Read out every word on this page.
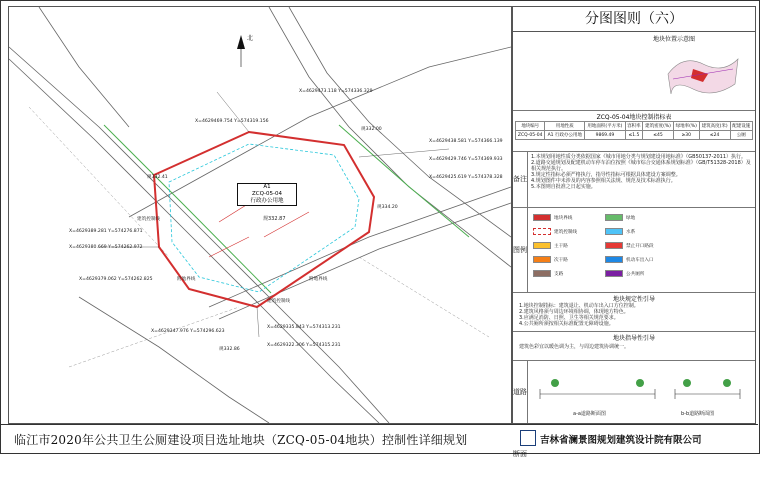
北
X=4629473.118 Y=574336.329
X=4629469.754 Y=574319.156
X=4629438.581 Y=574366.139
X=4629429.746 Y=574369.933
X=4629425.619 Y=574378.328
X=4629389.281 Y=574276.871
X=4629380.669 Y=574262.972
X=4629379.062 Y=574262.825
X=4629347.976 Y=574296.623
X=4629335.843 Y=574313.231
X=4629322.306 Y=574315.231
A1
ZCQ-05-04
行政办公用地
规332.87
规332.41
规332.00
规334.20
规332.86
附地界线
建筑控制线
建筑控制线
附地界线
分图图则（六）
地块位置示意图
ZCQ-05-04地块控制指标表
地块编号	用地性质	用地面积(平方米)	容积率	建筑密度(%)	绿地率(%)	建筑高度(米)	配建设施
ZCQ-05-04	A1 行政办公用地	9869.49	≤1.5	≤45	≥30	≤24	公厕
备注
1.本规划用地性质分类依据国家《城市用地分类与规划建设用地标准》（GB50137-2011）执行。
2.道路交通规划及配建机动车停车泊位按照《城市综合交通体系规划标准》（GB/T51328-2018）及相关规范执行。
3.规定性指标必须严格执行，指导性指标可根据具体建设方案调整。
4.规划图件中未涉及的内容参照相关法规、规范及技术标准执行。
5.本图则自批准之日起实施。
图例
地块界线
建筑控制线
主干路
次干路
支路
绿地
水系
禁止开口路段
机动车出入口
公共厕所
地块规定性引导
1.地块控制指标：建筑退让、机动车出入口方位控制。
2.建筑风格须与周边环境相协调，体现地方特色。
3.应满足消防、日照、卫生等相关规范要求。
4.公共厕所须按相关标准配置无障碍设施。
地块指导性引导
建筑色彩宜以暖色调为主，与周边建筑协调统一。
道路断面
a-a道路断面图	b-b道路断面图
临江市2020年公共卫生公厕建设项目选址地块（ZCQ-05-04地块）控制性详细规划	吉林省澜景图规划建筑设计院有限公司
